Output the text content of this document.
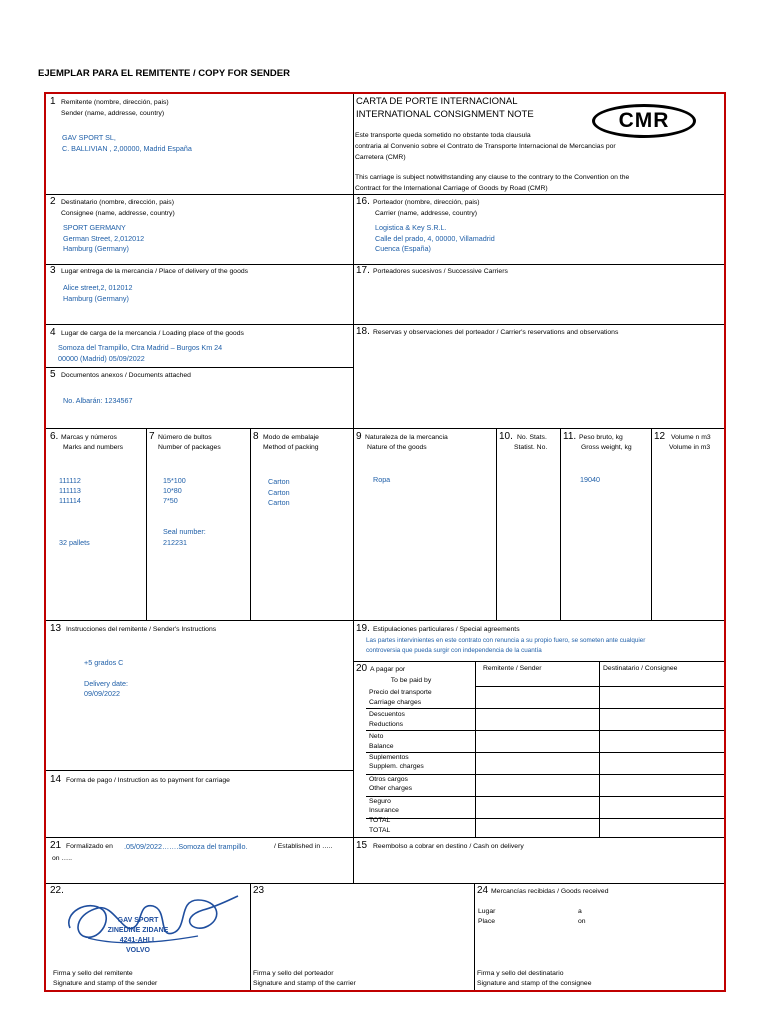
EJEMPLAR PARA EL REMITENTE / COPY FOR SENDER
1 Remitente (nombre, dirección, pais)
Sender (name, addresse, country)
GAV SPORT SL,
C. BALLIVIAN , 2,00000, Madrid España
CARTA DE PORTE INTERNACIONAL
INTERNATIONAL CONSIGNMENT NOTE	CMR
Este transporte queda sometido no obstante toda clausula
contraria al Convenio sobre el Contrato de Transporte Internacional de Mercancias por
Carretera (CMR)
This carriage is subject notwithstanding any clause to the contrary to the Convention on the
Contract for the International Carriage of Goods by Road (CMR)
2 Destinatario (nombre, dirección, pais)
Consignee (name, addresse, country)
SPORT GERMANY
German Street, 2,012012
Hamburg (Germany)
16. Porteador (nombre, dirección, pais)
Carrier (name, addresse, country)
Logistica & Key S.R.L.
Calle del prado, 4, 00000, Villamadrid
Cuenca (España)
3 Lugar entrega de la mercancia / Place of delivery of the goods
Alice street,2, 012012
Hamburg (Germany)
17. Porteadores sucesivos / Successive Carriers
4 Lugar de carga de la mercancia / Loading place of the goods
Somoza del Trampillo, Ctra Madrid – Burgos Km 24
00000 (Madrid) 05/09/2022
18. Reservas y observaciones del porteador / Carrier's reservations and observations
5 Documentos anexos / Documents attached
No. Albarán: 1234567
6. Marcas y números
Marks and numbers
111112
111113
111114
32 pallets
7 Número de bultos
Number of packages
15*100
10*80
7*50
Seal number:
212231
8 Modo de embalaje
Method of packing
Carton
Carton
Carton
9 Naturaleza de la mercancia
Nature of the goods
Ropa
10. No. Stats.
Statist. No.
11. Peso bruto, kg
Gross weight, kg
19040
12 Volume n m3
Volume in m3
13 Instrucciones del remitente / Sender's Instructions
+5 grados C
Delivery date:
09/09/2022
19. Estipulaciones particulares / Special agreements
Las partes intervinientes en este contrato con renuncia a su propio fuero, se someten ante cualquier
controversia que pueda surgir con independencia de la cuantía
20 A pagar por
To be paid by
Remitente / Sender	Destinatario / Consignee
Precio del transporte
Carriage charges
Descuentos
Reductions
Neto
Balance
Suplementos
Supplem. charges
Otros cargos
Other charges
Seguro
Insurance
TOTAL
TOTAL
14 Forma de pago / Instruction as to payment for carriage
21 Formalizado en .05/09/2022…….Somoza del trampillo.	/ Established in …..
on …..
15 Reembolso a cobrar en destino / Cash on delivery
22.
GAV SPORT
ZINEDINE ZIDANE
4241-AHLL
VOLVO
Firma y sello del remitente
Signature and stamp of the sender
23
Firma y sello del porteador
Signature and stamp of the carrier
24 Mercancías recibidas / Goods received
Lugar	a
Place	on
Firma y sello del destinatario
Signature and stamp of the consignee
